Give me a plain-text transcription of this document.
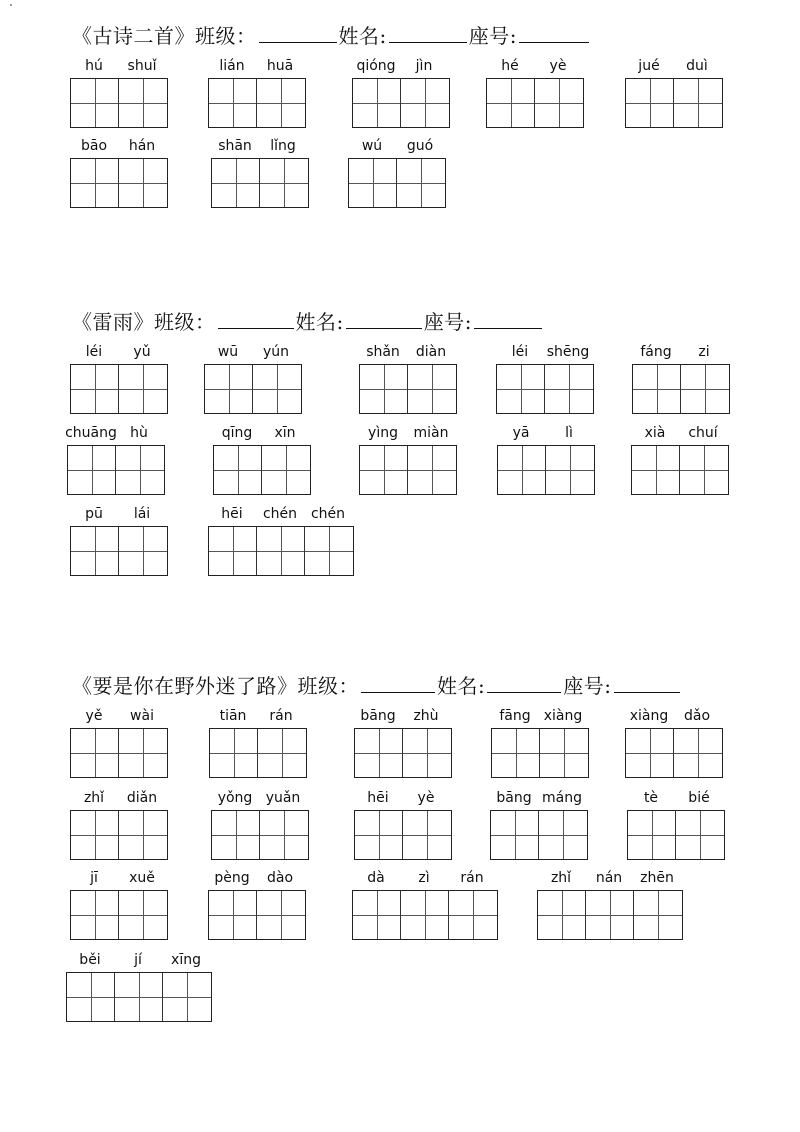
《古诗二首》班级：	姓名:	座号:
《雷雨》班级：	姓名:	座号:
《要是你在野外迷了路》班级：	姓名:	座号:
hú shuǐ	lián huā	qióng jìn	hé yè	jué duì
bāo hán	shān lǐng	wú guó
léi yǔ	wū yún	shǎn diàn	léi shēng	fáng zi
chuāng hù	qīng xīn	yìng miàn	yā	lì	xià chuí
pū lái	hēi chén chén
yě wài	tiān rán	bāng zhù	fāng xiàng	xiàng dǎo
zhǐ diǎn	yǒng yuǎn	hēi yè	bāng máng	tè bié
jī xuě	pèng dào	dà zì rán	zhǐ nán zhēn
běi jí xīng
